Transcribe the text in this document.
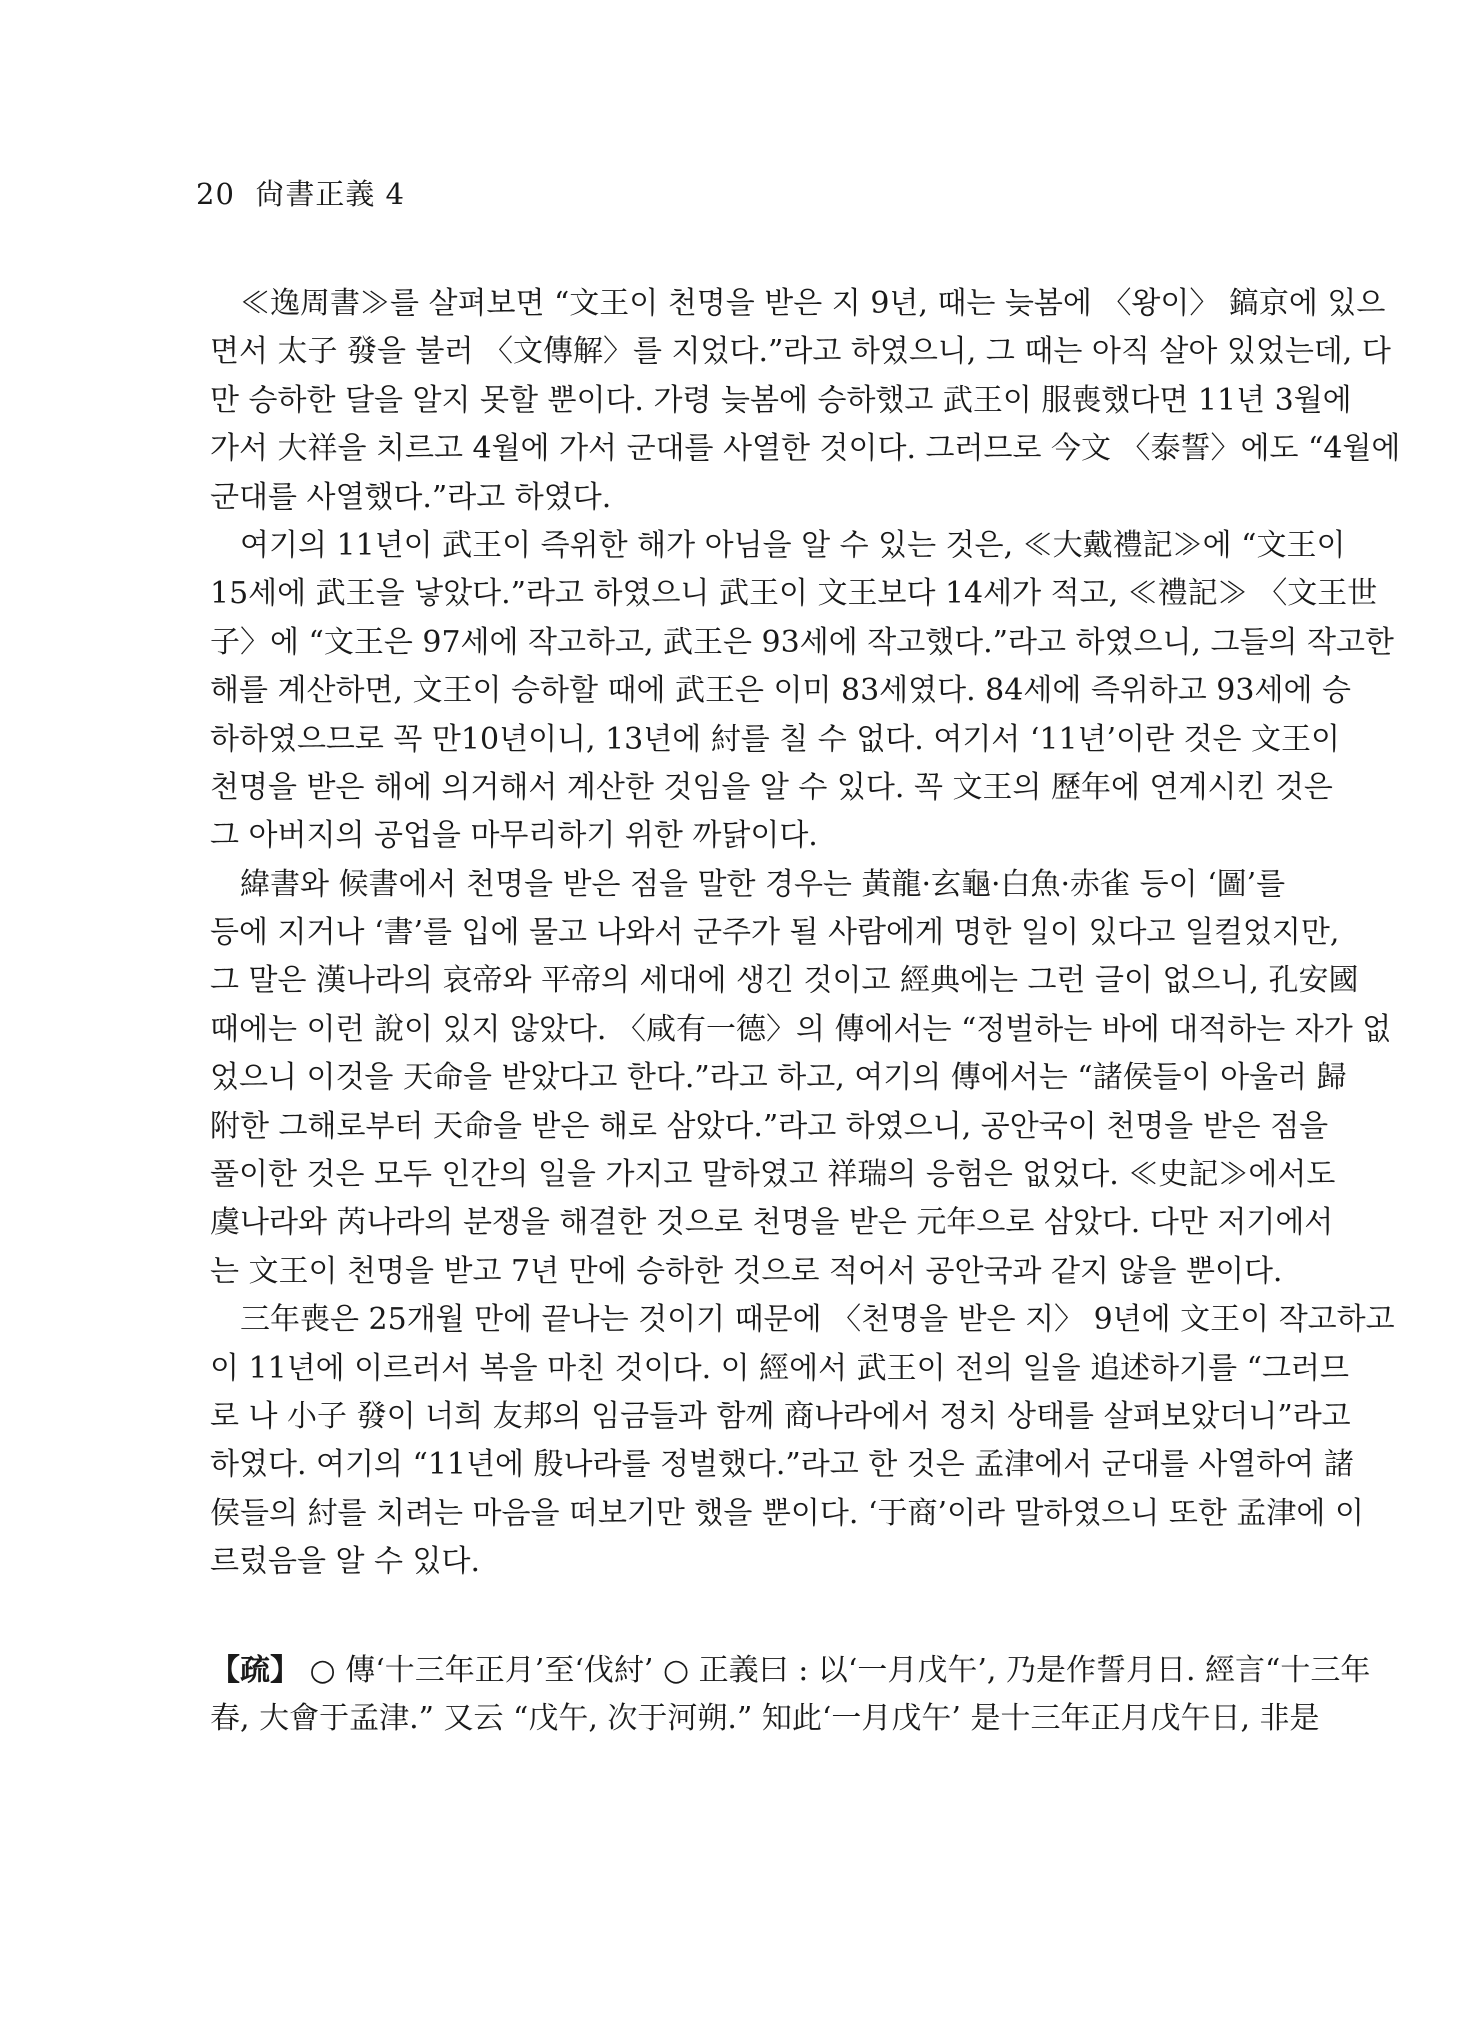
20 尙書正義 4
≪逸周書≫를 살펴보면 “文王이 천명을 받은 지 9년, 때는 늦봄에 〈왕이〉 鎬京에 있으
면서 太子 發을 불러 〈文傳解〉를 지었다.”라고 하였으니, 그 때는 아직 살아 있었는데, 다
만 승하한 달을 알지 못할 뿐이다. 가령 늦봄에 승하했고 武王이 服喪했다면 11년 3월에
가서 大祥을 치르고 4월에 가서 군대를 사열한 것이다. 그러므로 今文 〈泰誓〉에도 “4월에
군대를 사열했다.”라고 하였다.
여기의 11년이 武王이 즉위한 해가 아님을 알 수 있는 것은, ≪大戴禮記≫에 “文王이
15세에 武王을 낳았다.”라고 하였으니 武王이 文王보다 14세가 적고, ≪禮記≫ 〈文王世
子〉에 “文王은 97세에 작고하고, 武王은 93세에 작고했다.”라고 하였으니, 그들의 작고한
해를 계산하면, 文王이 승하할 때에 武王은 이미 83세였다. 84세에 즉위하고 93세에 승
하하였으므로 꼭 만10년이니, 13년에 紂를 칠 수 없다. 여기서 ‘11년’이란 것은 文王이
천명을 받은 해에 의거해서 계산한 것임을 알 수 있다. 꼭 文王의 歷年에 연계시킨 것은
그 아버지의 공업을 마무리하기 위한 까닭이다.
緯書와 候書에서 천명을 받은 점을 말한 경우는 黃龍·玄龜·白魚·赤雀 등이 ‘圖’를
등에 지거나 ‘書’를 입에 물고 나와서 군주가 될 사람에게 명한 일이 있다고 일컬었지만,
그 말은 漢나라의 哀帝와 平帝의 세대에 생긴 것이고 經典에는 그런 글이 없으니, 孔安國
때에는 이런 說이 있지 않았다. 〈咸有一德〉의 傳에서는 “정벌하는 바에 대적하는 자가 없
었으니 이것을 天命을 받았다고 한다.”라고 하고, 여기의 傳에서는 “諸侯들이 아울러 歸
附한 그해로부터 天命을 받은 해로 삼았다.”라고 하였으니, 공안국이 천명을 받은 점을
풀이한 것은 모두 인간의 일을 가지고 말하였고 祥瑞의 응험은 없었다. ≪史記≫에서도
虞나라와 芮나라의 분쟁을 해결한 것으로 천명을 받은 元年으로 삼았다. 다만 저기에서
는 文王이 천명을 받고 7년 만에 승하한 것으로 적어서 공안국과 같지 않을 뿐이다.
三年喪은 25개월 만에 끝나는 것이기 때문에 〈천명을 받은 지〉 9년에 文王이 작고하고
이 11년에 이르러서 복을 마친 것이다. 이 經에서 武王이 전의 일을 追述하기를 “그러므
로 나 小子 發이 너희 友邦의 임금들과 함께 商나라에서 정치 상태를 살펴보았더니”라고
하였다. 여기의 “11년에 殷나라를 정벌했다.”라고 한 것은 孟津에서 군대를 사열하여 諸
侯들의 紂를 치려는 마음을 떠보기만 했을 뿐이다. ‘于商’이라 말하였으니 또한 孟津에 이
르렀음을 알 수 있다.
【疏】 ○ 傳‘十三年正月’至‘伐紂’ ○ 正義曰 : 以‘一月戊午’, 乃是作誓月日. 經言“十三年
春, 大會于孟津.” 又云 “戊午, 次于河朔.” 知此‘一月戊午’ 是十三年正月戊午日, 非是
